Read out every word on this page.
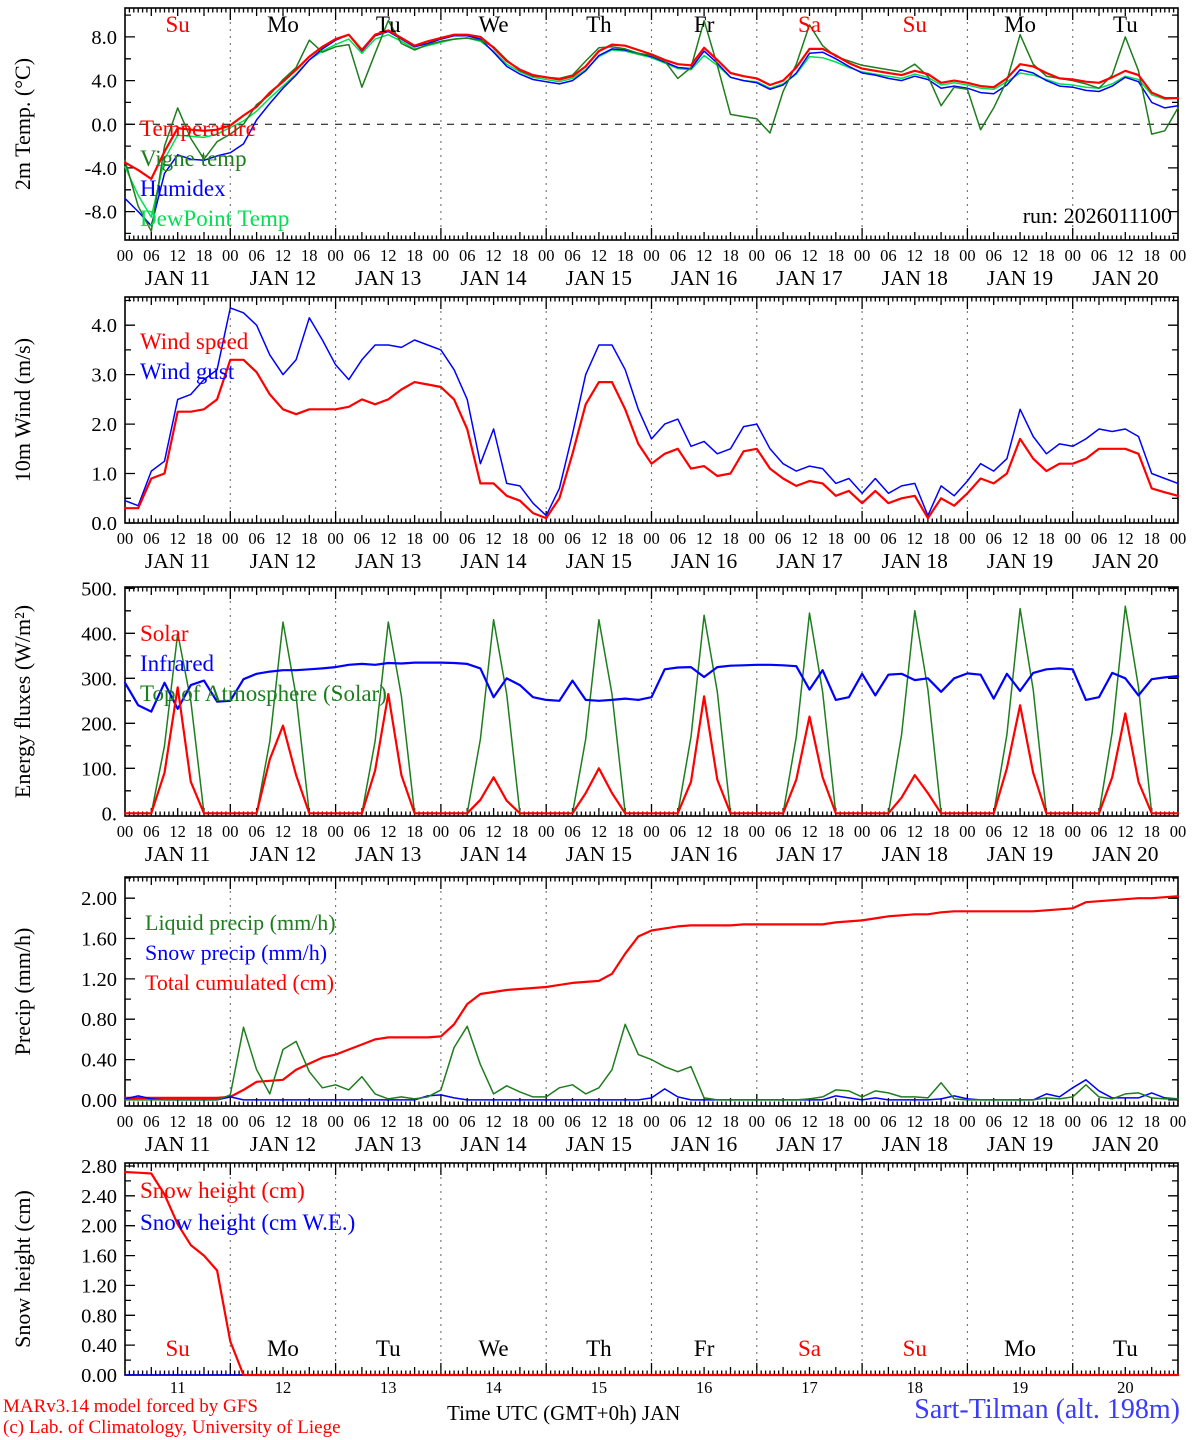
-8.0
-4.0
0.0
4.0
8.0
2m Temp. (°C)	Temperature
Vigne temp
Humidex
DewPoint Temp
Su	Mo	Tu	We	Th	Fr	Sa	Su	Mo	Tu
00 06 12 18 00 06 12 18 00 06 12 18 00 06 12 18 00 06 12 18 00 06 12 18 00 06 12 18 00 06 12 18 00 06 12 18 00 06 12 18 00
JAN 11 JAN 12 JAN 13 JAN 14 JAN 15 JAN 16 JAN 17 JAN 18 JAN 19 JAN 20
0.0
1.0
2.0
3.0
4.0
10m Wind (m/s)	Wind speed
Wind gust
00 06 12 18 00 06 12 18 00 06 12 18 00 06 12 18 00 06 12 18 00 06 12 18 00 06 12 18 00 06 12 18 00 06 12 18 00 06 12 18 00
JAN 11 JAN 12 JAN 13 JAN 14 JAN 15 JAN 16 JAN 17 JAN 18 JAN 19 JAN 20
0.
100.
200.
300.
400.
500.
Energy fluxes (W/m²)	Solar
Infrared
Top of Atmosphere (Solar)
00 06 12 18 00 06 12 18 00 06 12 18 00 06 12 18 00 06 12 18 00 06 12 18 00 06 12 18 00 06 12 18 00 06 12 18 00 06 12 18 00
JAN 11 JAN 12 JAN 13 JAN 14 JAN 15 JAN 16 JAN 17 JAN 18 JAN 19 JAN 20
0.00
0.40
0.80
1.20
1.60
2.00
Precip (mm/h)
Liquid precip (mm/h)
Snow precip (mm/h)
Total cumulated (cm)
00 06 12 18 00 06 12 18 00 06 12 18 00 06 12 18 00 06 12 18 00 06 12 18 00 06 12 18 00 06 12 18 00 06 12 18 00 06 12 18 00
JAN 11 JAN 12 JAN 13 JAN 14 JAN 15 JAN 16 JAN 17 JAN 18 JAN 19 JAN 20
0.00
0.40
0.80
1.20
1.60
2.00
2.40
2.80
Snow height (cm)	Snow height (cm)
Snow height (cm W.E.)
Su	Mo	Tu	We	Th	Fr	Sa	Su	Mo	Tu
11	12	13	14	15	16	17	18	19	20
run: 2026011100
MARv3.14 model forced by GFS
(c) Lab. of Climatology, University of Liege
Time UTC (GMT+0h) JAN	Sart-Tilman (alt. 198m)
